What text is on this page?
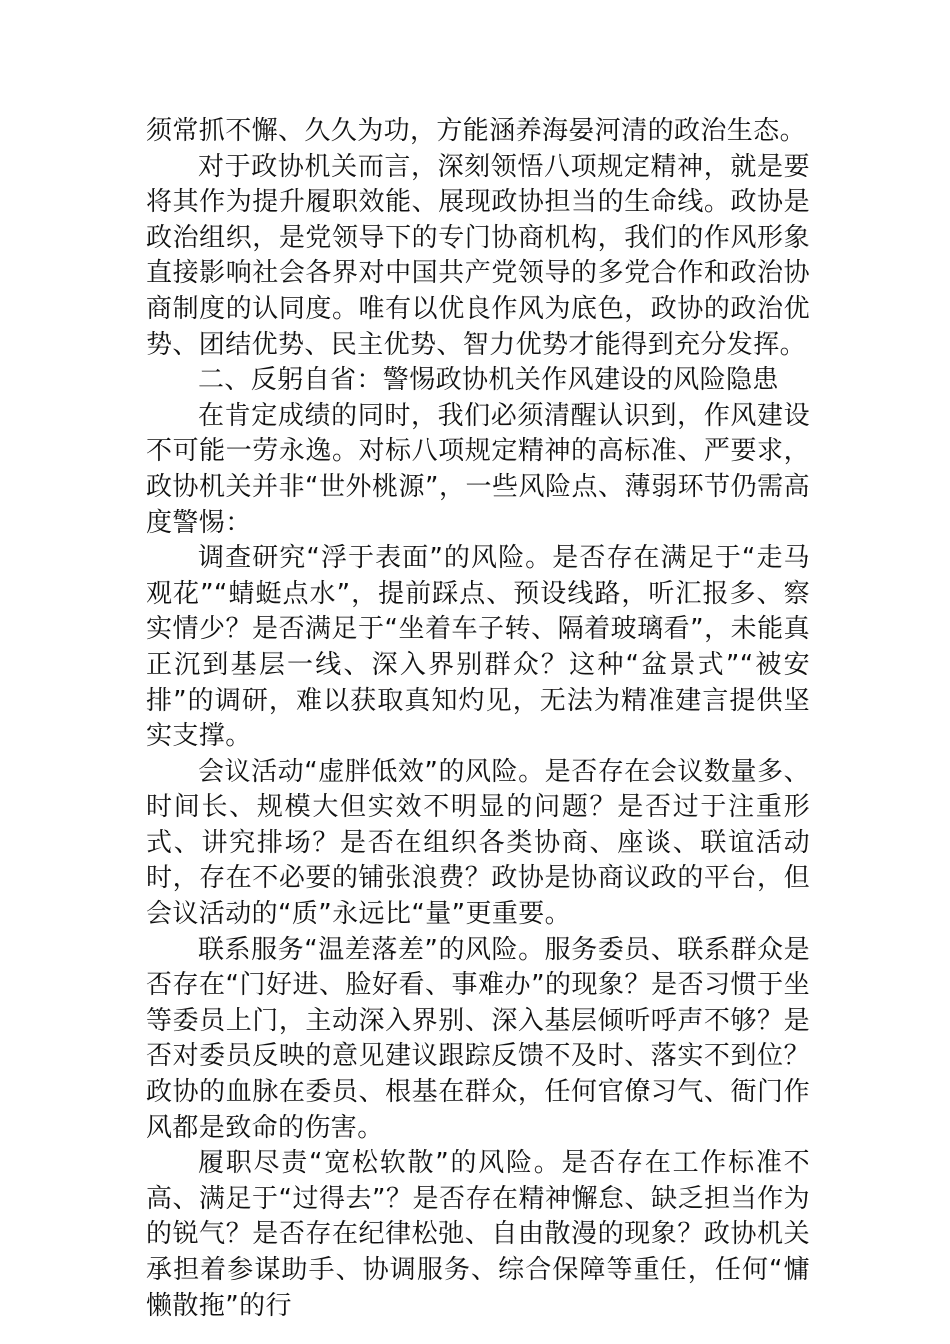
须常抓不懈、久久为功，方能涵养海晏河清的政治生态。

对于政协机关而言，深刻领悟八项规定精神，就是要将其作为提升履职效能、展现政协担当的生命线。政协是政治组织，是党领导下的专门协商机构，我们的作风形象直接影响社会各界对中国共产党领导的多党合作和政治协商制度的认同度。唯有以优良作风为底色，政协的政治优势、团结优势、民主优势、智力优势才能得到充分发挥。

二、反躬自省：警惕政协机关作风建设的风险隐患

在肯定成绩的同时，我们必须清醒认识到，作风建设不可能一劳永逸。对标八项规定精神的高标准、严要求，政协机关并非“世外桃源”，一些风险点、薄弱环节仍需高度警惕：

调查研究“浮于表面”的风险。是否存在满足于“走马观花”“蜻蜓点水”，提前踩点、预设线路，听汇报多、察实情少？是否满足于“坐着车子转、隔着玻璃看”，未能真正沉到基层一线、深入界别群众？这种“盆景式”“被安排”的调研，难以获取真知灼见，无法为精准建言提供坚实支撑。

会议活动“虚胖低效”的风险。是否存在会议数量多、时间长、规模大但实效不明显的问题？是否过于注重形式、讲究排场？是否在组织各类协商、座谈、联谊活动时，存在不必要的铺张浪费？政协是协商议政的平台，但会议活动的“质”永远比“量”更重要。

联系服务“温差落差”的风险。服务委员、联系群众是否存在“门好进、脸好看、事难办”的现象？是否习惯于坐等委员上门，主动深入界别、深入基层倾听呼声不够？是否对委员反映的意见建议跟踪反馈不及时、落实不到位？政协的血脉在委员、根基在群众，任何官僚习气、衙门作风都是致命的伤害。

履职尽责“宽松软散”的风险。是否存在工作标准不高、满足于“过得去”？是否存在精神懈怠、缺乏担当作为的锐气？是否存在纪律松弛、自由散漫的现象？政协机关承担着参谋助手、协调服务、综合保障等重任，任何“慵懒散拖”的行
